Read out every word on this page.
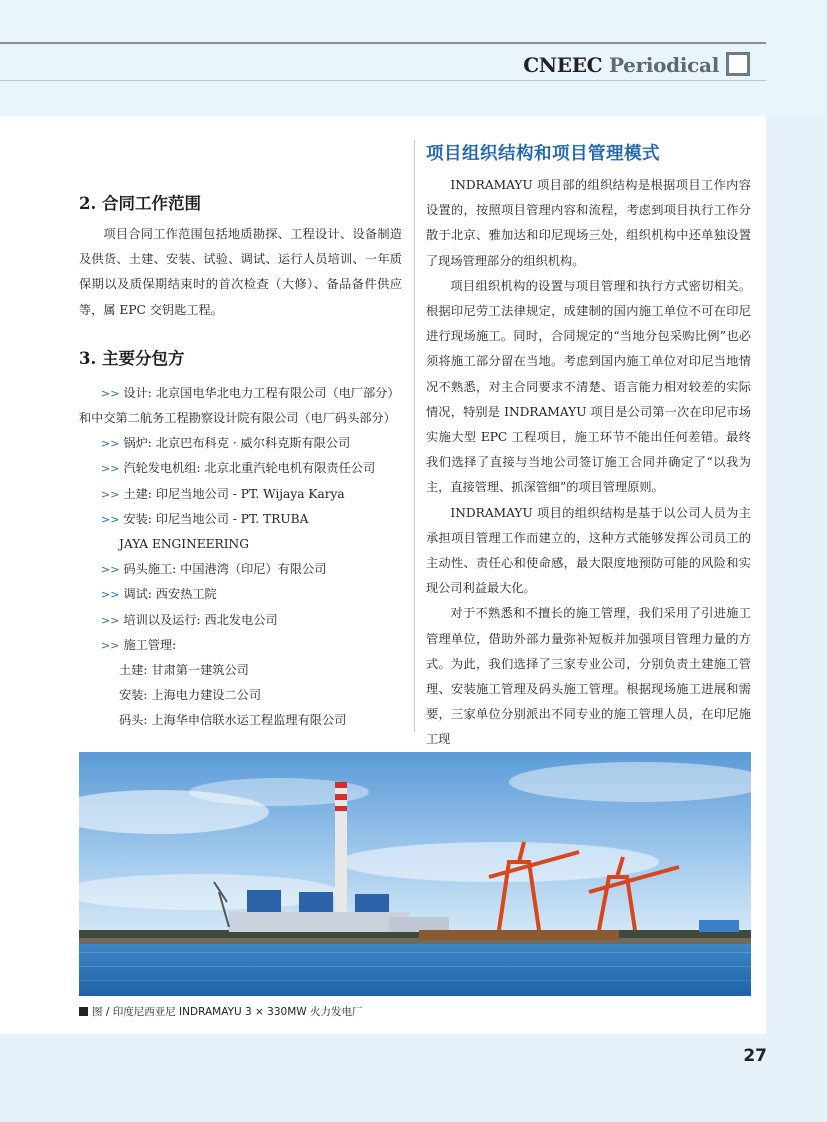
CNEEC Periodical
2. 合同工作范围

项目合同工作范围包括地质勘探、工程设计、设备制造及供货、土建、安装、试验、调试、运行人员培训、一年质保期以及质保期结束时的首次检查（大修）、备品备件供应等，属 EPC 交钥匙工程。

3. 主要分包方
>> 设计: 北京国电华北电力工程有限公司（电厂部分）
和中交第二航务工程勘察设计院有限公司（电厂码头部分）
>> 锅炉: 北京巴布科克 · 威尔科克斯有限公司
>> 汽轮发电机组: 北京北重汽轮电机有限责任公司
>> 土建: 印尼当地公司 - PT. Wijaya Karya
>> 安装: 印尼当地公司 - PT. TRUBA
JAYA ENGINEERING
>> 码头施工: 中国港湾（印尼）有限公司
>> 调试: 西安热工院
>> 培训以及运行: 西北发电公司
>> 施工管理:
土建: 甘肃第一建筑公司
安装: 上海电力建设二公司
码头: 上海华申信联水运工程监理有限公司
项目组织结构和项目管理模式

INDRAMAYU 项目部的组织结构是根据项目工作内容设置的，按照项目管理内容和流程，考虑到项目执行工作分散于北京、雅加达和印尼现场三处，组织机构中还单独设置了现场管理部分的组织机构。

项目组织机构的设置与项目管理和执行方式密切相关。根据印尼劳工法律规定，成建制的国内施工单位不可在印尼进行现场施工。同时，合同规定的“当地分包采购比例”也必须将施工部分留在当地。考虑到国内施工单位对印尼当地情况不熟悉，对主合同要求不清楚、语言能力相对较差的实际情况，特别是 INDRAMAYU 项目是公司第一次在印尼市场实施大型 EPC 工程项目，施工环节不能出任何差错。最终我们选择了直接与当地公司签订施工合同并确定了“以我为主，直接管理、抓深管细”的项目管理原则。

INDRAMAYU 项目的组织结构是基于以公司人员为主承担项目管理工作而建立的，这种方式能够发挥公司员工的主动性、责任心和使命感，最大限度地预防可能的风险和实现公司利益最大化。

对于不熟悉和不擅长的施工管理，我们采用了引进施工管理单位，借助外部力量弥补短板并加强项目管理力量的方式。为此，我们选择了三家专业公司，分别负责土建施工管理、安装施工管理及码头施工管理。根据现场施工进展和需要，三家单位分别派出不同专业的施工管理人员，在印尼施工现

图 / 印度尼西亚尼 INDRAMAYU 3 × 330MW 火力发电厂
27
